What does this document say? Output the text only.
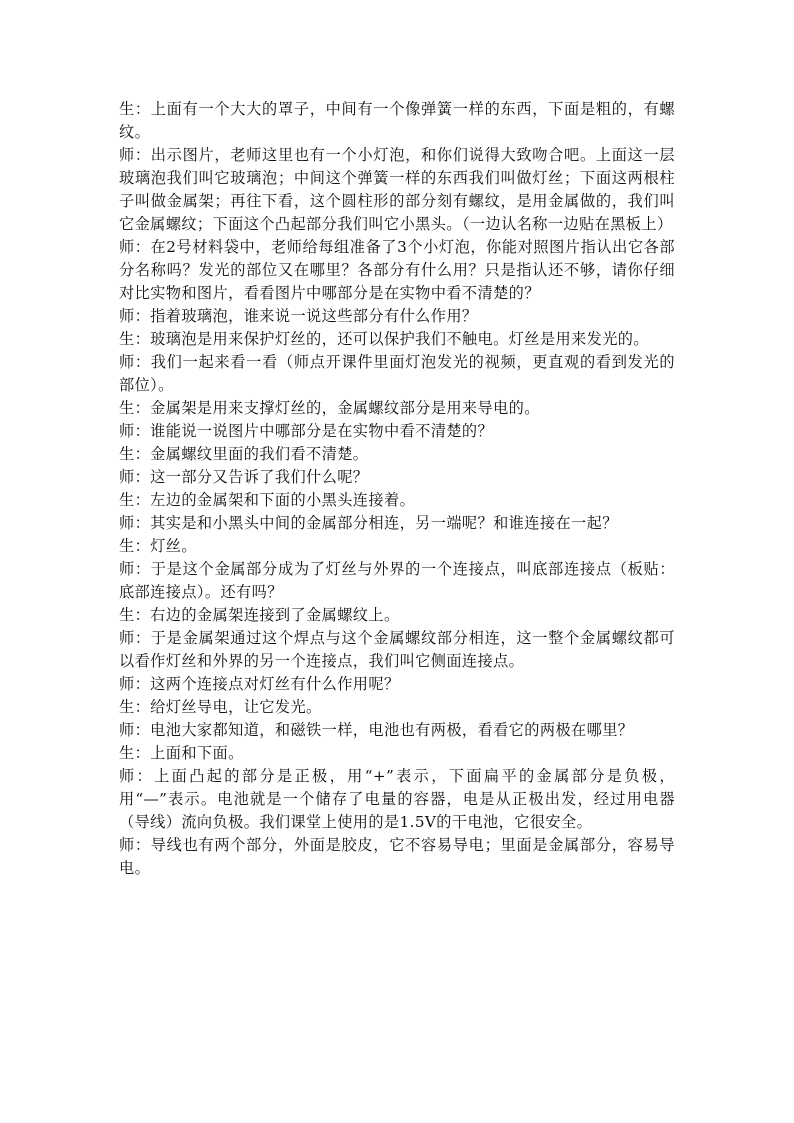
生：上面有一个大大的罩子，中间有一个像弹簧一样的东西，下面是粗的，有螺纹。

师：出示图片，老师这里也有一个小灯泡，和你们说得大致吻合吧。上面这一层玻璃泡我们叫它玻璃泡；中间这个弹簧一样的东西我们叫做灯丝；下面这两根柱子叫做金属架；再往下看，这个圆柱形的部分刻有螺纹，是用金属做的，我们叫它金属螺纹；下面这个凸起部分我们叫它小黑头。（一边认名称一边贴在黑板上）

师：在2号材料袋中，老师给每组准备了3个小灯泡，你能对照图片指认出它各部分名称吗？发光的部位又在哪里？各部分有什么用？只是指认还不够，请你仔细对比实物和图片，看看图片中哪部分是在实物中看不清楚的？

师：指着玻璃泡，谁来说一说这些部分有什么作用？

生：玻璃泡是用来保护灯丝的，还可以保护我们不触电。灯丝是用来发光的。

师：我们一起来看一看（师点开课件里面灯泡发光的视频，更直观的看到发光的部位）。

生：金属架是用来支撑灯丝的，金属螺纹部分是用来导电的。

师：谁能说一说图片中哪部分是在实物中看不清楚的？

生：金属螺纹里面的我们看不清楚。

师：这一部分又告诉了我们什么呢？

生：左边的金属架和下面的小黑头连接着。

师：其实是和小黑头中间的金属部分相连，另一端呢？和谁连接在一起？

生：灯丝。

师：于是这个金属部分成为了灯丝与外界的一个连接点，叫底部连接点（板贴：底部连接点）。还有吗？

生：右边的金属架连接到了金属螺纹上。

师：于是金属架通过这个焊点与这个金属螺纹部分相连，这一整个金属螺纹都可以看作灯丝和外界的另一个连接点，我们叫它侧面连接点。

师：这两个连接点对灯丝有什么作用呢？

生：给灯丝导电，让它发光。

师：电池大家都知道，和磁铁一样，电池也有两极，看看它的两极在哪里？

生：上面和下面。

师：上面凸起的部分是正极，用“+”表示，下面扁平的金属部分是负极，用“—”表示。电池就是一个储存了电量的容器，电是从正极出发，经过用电器（导线）流向负极。我们课堂上使用的是1.5V的干电池，它很安全。

师：导线也有两个部分，外面是胶皮，它不容易导电；里面是金属部分，容易导电。
